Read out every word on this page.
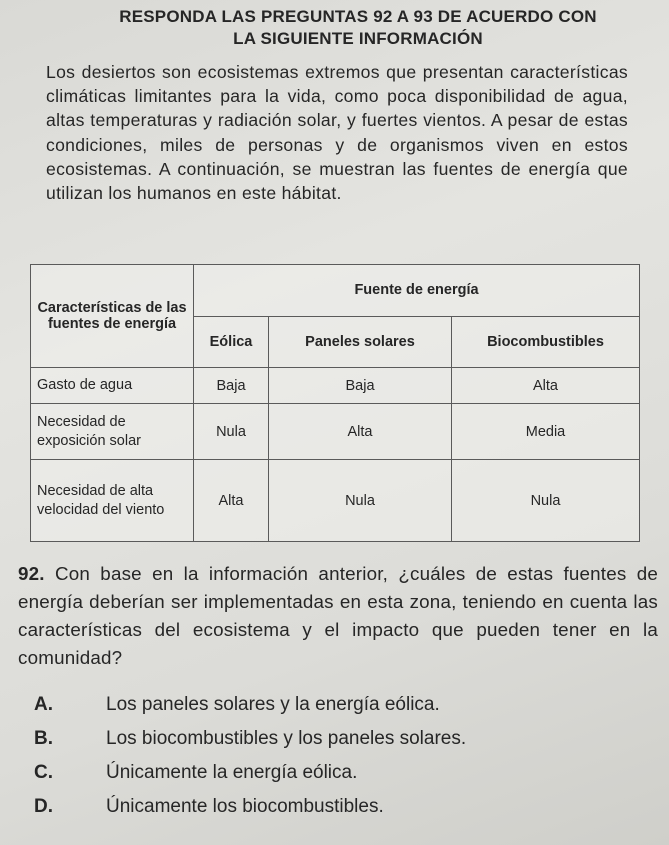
RESPONDA LAS PREGUNTAS 92 A 93 DE ACUERDO CON
LA SIGUIENTE INFORMACIÓN
Los desiertos son ecosistemas extremos que presentan características climáticas limitantes para la vida, como poca disponibilidad de agua, altas temperaturas y radiación solar, y fuertes vientos. A pesar de estas condiciones, miles de personas y de organismos viven en estos ecosistemas. A continuación, se muestran las fuentes de energía que utilizan los humanos en este hábitat.
Características de las fuentes de energía	Fuente de energía		
	Eólica	Paneles solares	Biocombustibles
Gasto de agua	Baja	Baja	Alta
Necesidad de exposición solar	Nula	Alta	Media
Necesidad de alta velocidad del viento	Alta	Nula	Nula
92. Con base en la información anterior, ¿cuáles de estas fuentes de energía deberían ser implementadas en esta zona, teniendo en cuenta las características del ecosistema y el impacto que pueden tener en la comunidad?
A.	Los paneles solares y la energía eólica.
B.	Los biocombustibles y los paneles solares.
C.	Únicamente la energía eólica.
D.	Únicamente los biocombustibles.
